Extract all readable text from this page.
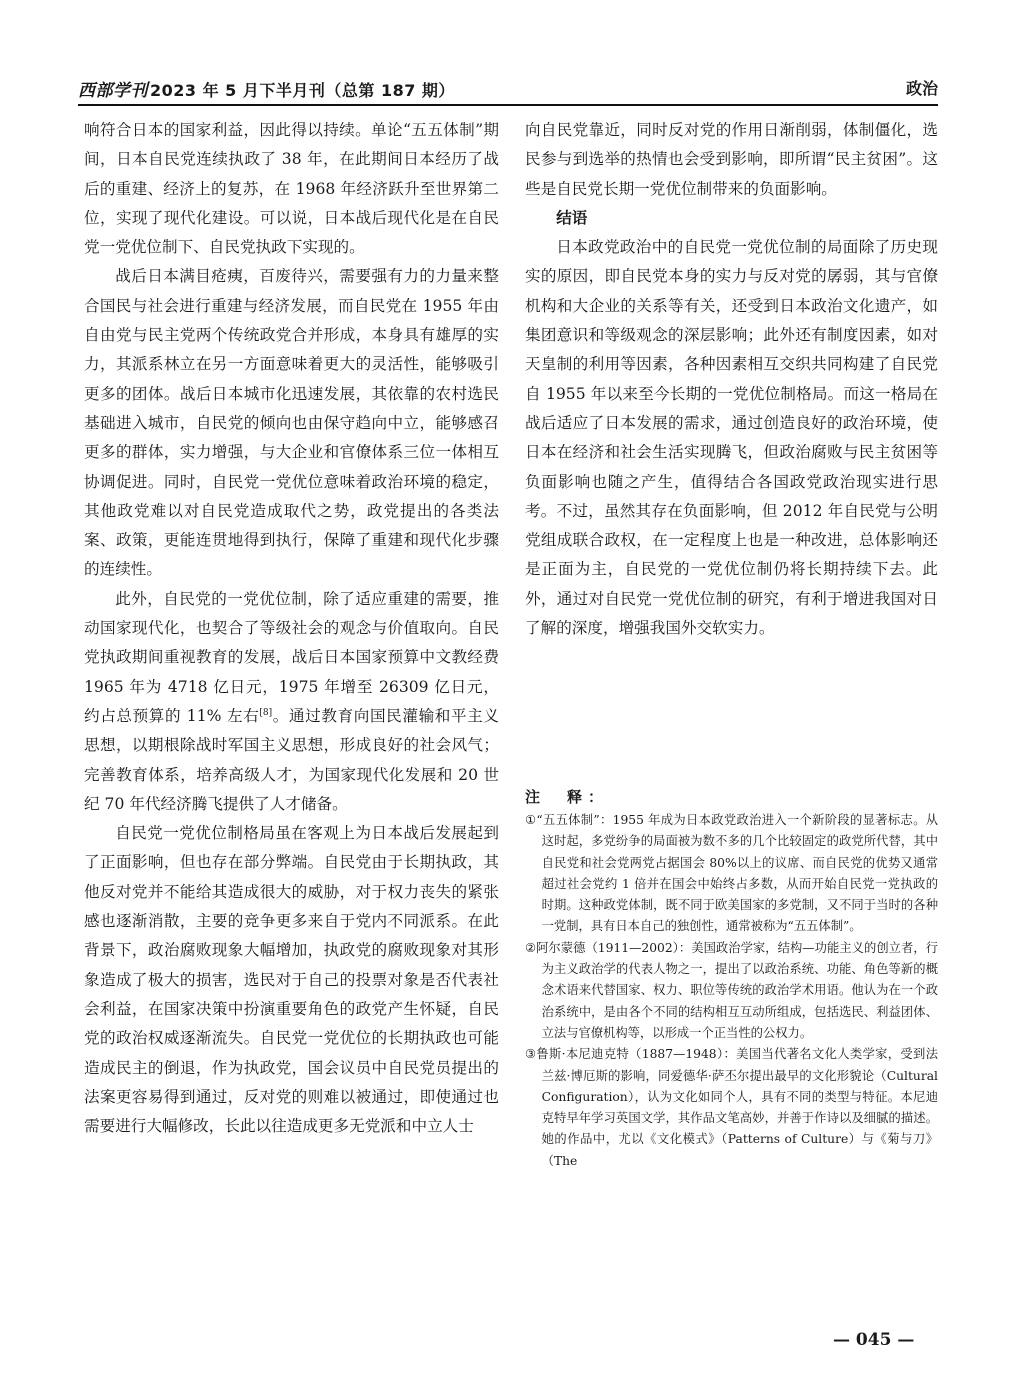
西部学刊 2023 年 5 月下半月刊（总第 187 期）	政治

响符合日本的国家利益，因此得以持续。单论“五五体制”期间，日本自民党连续执政了 38 年，在此期间日本经历了战后的重建、经济上的复苏，在 1968 年经济跃升至世界第二位，实现了现代化建设。可以说，日本战后现代化是在自民党一党优位制下、自民党执政下实现的。

战后日本满目疮痍，百废待兴，需要强有力的力量来整合国民与社会进行重建与经济发展，而自民党在 1955 年由自由党与民主党两个传统政党合并形成，本身具有雄厚的实力，其派系林立在另一方面意味着更大的灵活性，能够吸引更多的团体。战后日本城市化迅速发展，其依靠的农村选民基础进入城市，自民党的倾向也由保守趋向中立，能够感召更多的群体，实力增强，与大企业和官僚体系三位一体相互协调促进。同时，自民党一党优位意味着政治环境的稳定，其他政党难以对自民党造成取代之势，政党提出的各类法案、政策，更能连贯地得到执行，保障了重建和现代化步骤的连续性。

此外，自民党的一党优位制，除了适应重建的需要，推动国家现代化，也契合了等级社会的观念与价值取向。自民党执政期间重视教育的发展，战后日本国家预算中文教经费 1965 年为 4718 亿日元，1975 年增至 26309 亿日元，约占总预算的 11% 左右[8]。通过教育向国民灌输和平主义思想，以期根除战时军国主义思想，形成良好的社会风气；完善教育体系，培养高级人才，为国家现代化发展和 20 世纪 70 年代经济腾飞提供了人才储备。

自民党一党优位制格局虽在客观上为日本战后发展起到了正面影响，但也存在部分弊端。自民党由于长期执政，其他反对党并不能给其造成很大的威胁，对于权力丧失的紧张感也逐渐消散，主要的竞争更多来自于党内不同派系。在此背景下，政治腐败现象大幅增加，执政党的腐败现象对其形象造成了极大的损害，选民对于自己的投票对象是否代表社会利益，在国家决策中扮演重要角色的政党产生怀疑，自民党的政治权威逐渐流失。自民党一党优位的长期执政也可能造成民主的倒退，作为执政党，国会议员中自民党员提出的法案更容易得到通过，反对党的则难以被通过，即使通过也需要进行大幅修改，长此以往造成更多无党派和中立人士

向自民党靠近，同时反对党的作用日渐削弱，体制僵化，选民参与到选举的热情也会受到影响，即所谓“民主贫困”。这些是自民党长期一党优位制带来的负面影响。

结语

日本政党政治中的自民党一党优位制的局面除了历史现实的原因，即自民党本身的实力与反对党的孱弱，其与官僚机构和大企业的关系等有关，还受到日本政治文化遗产，如集团意识和等级观念的深层影响；此外还有制度因素，如对天皇制的利用等因素，各种因素相互交织共同构建了自民党自 1955 年以来至今长期的一党优位制格局。而这一格局在战后适应了日本发展的需求，通过创造良好的政治环境，使日本在经济和社会生活实现腾飞，但政治腐败与民主贫困等负面影响也随之产生，值得结合各国政党政治现实进行思考。不过，虽然其存在负面影响，但 2012 年自民党与公明党组成联合政权，在一定程度上也是一种改进，总体影响还是正面为主，自民党的一党优位制仍将长期持续下去。此外，通过对自民党一党优位制的研究，有利于增进我国对日了解的深度，增强我国外交软实力。

注　释：

①“五五体制”：1955 年成为日本政党政治进入一个新阶段的显著标志。从这时起，多党纷争的局面被为数不多的几个比较固定的政党所代替，其中自民党和社会党两党占据国会 80%以上的议席、而自民党的优势又通常超过社会党约 1 倍并在国会中始终占多数，从而开始自民党一党执政的时期。这种政党体制，既不同于欧美国家的多党制，又不同于当时的各种一党制，具有日本自己的独创性，通常被称为“五五体制”。

②阿尔蒙德（1911—2002）：美国政治学家，结构—功能主义的创立者，行为主义政治学的代表人物之一，提出了以政治系统、功能、角色等新的概念术语来代替国家、权力、职位等传统的政治学术用语。他认为在一个政治系统中，是由各个不同的结构相互互动所组成，包括选民、利益团体、立法与官僚机构等，以形成一个正当性的公权力。

③鲁斯·本尼迪克特（1887—1948）：美国当代著名文化人类学家，受到法兰兹·博厄斯的影响，同爱德华·萨丕尔提出最早的文化形貌论（Cultural Configuration），认为文化如同个人，具有不同的类型与特征。本尼迪克特早年学习英国文学，其作品文笔高妙，并善于作诗以及细腻的描述。她的作品中，尤以《文化模式》（Patterns of Culture）与《菊与刀》（The

— 045 —
